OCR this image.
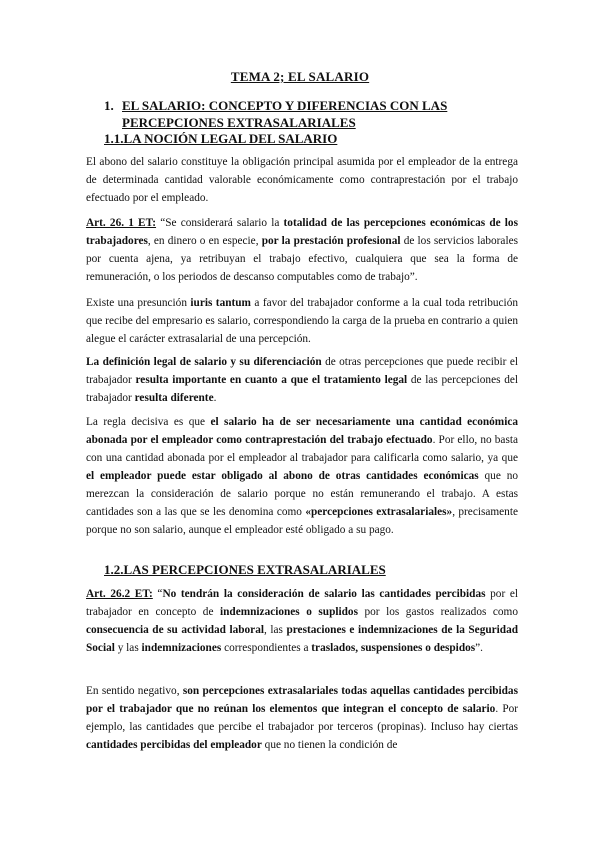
TEMA 2; EL SALARIO
1. EL SALARIO: CONCEPTO Y DIFERENCIAS CON LAS PERCEPCIONES EXTRASALARIALES
1.1.LA NOCIÓN LEGAL DEL SALARIO
El abono del salario constituye la obligación principal asumida por el empleador de la entrega de determinada cantidad valorable económicamente como contraprestación por el trabajo efectuado por el empleado.
Art. 26. 1 ET: “Se considerará salario la totalidad de las percepciones económicas de los trabajadores, en dinero o en especie, por la prestación profesional de los servicios laborales por cuenta ajena, ya retribuyan el trabajo efectivo, cualquiera que sea la forma de remuneración, o los periodos de descanso computables como de trabajo”.
Existe una presunción iuris tantum a favor del trabajador conforme a la cual toda retribución que recibe del empresario es salario, correspondiendo la carga de la prueba en contrario a quien alegue el carácter extrasalarial de una percepción.
La definición legal de salario y su diferenciación de otras percepciones que puede recibir el trabajador resulta importante en cuanto a que el tratamiento legal de las percepciones del trabajador resulta diferente.
La regla decisiva es que el salario ha de ser necesariamente una cantidad económica abonada por el empleador como contraprestación del trabajo efectuado. Por ello, no basta con una cantidad abonada por el empleador al trabajador para calificarla como salario, ya que el empleador puede estar obligado al abono de otras cantidades económicas que no merezcan la consideración de salario porque no están remunerando el trabajo. A estas cantidades son a las que se les denomina como «percepciones extrasalariales», precisamente porque no son salario, aunque el empleador esté obligado a su pago.
1.2.LAS PERCEPCIONES EXTRASALARIALES
Art. 26.2 ET: “No tendrán la consideración de salario las cantidades percibidas por el trabajador en concepto de indemnizaciones o suplidos por los gastos realizados como consecuencia de su actividad laboral, las prestaciones e indemnizaciones de la Seguridad Social y las indemnizaciones correspondientes a traslados, suspensiones o despidos”.
En sentido negativo, son percepciones extrasalariales todas aquellas cantidades percibidas por el trabajador que no reúnan los elementos que integran el concepto de salario. Por ejemplo, las cantidades que percibe el trabajador por terceros (propinas). Incluso hay ciertas cantidades percibidas del empleador que no tienen la condición de
